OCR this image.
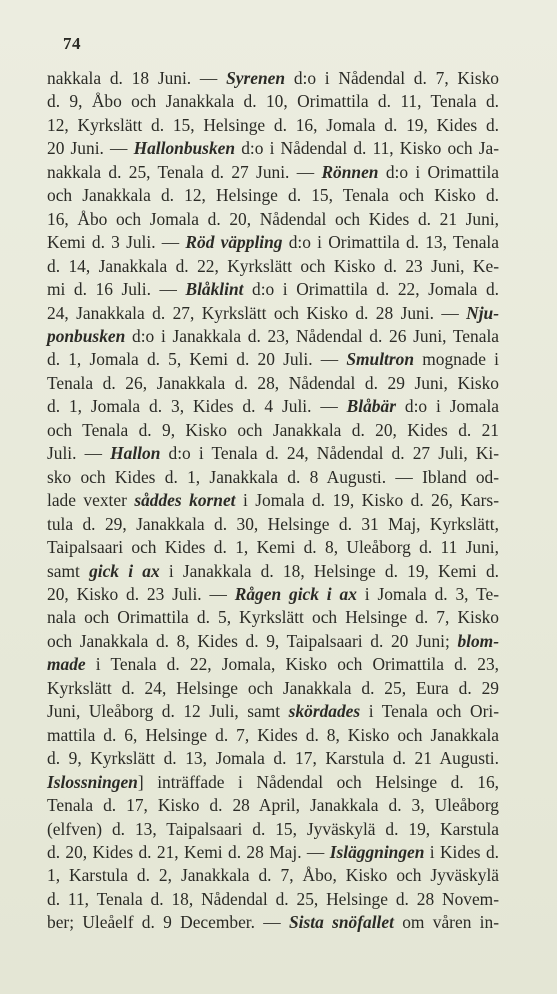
74

nakkala d. 18 Juni. — Syrenen d:o i Nådendal d. 7, Kisko
d. 9, Åbo och Janakkala d. 10, Orimattila d. 11, Tenala d.
12, Kyrkslätt d. 15, Helsinge d. 16, Jomala d. 19, Kides d.
20 Juni. — Hallonbusken d:o i Nådendal d. 11, Kisko och Ja-
nakkala d. 25, Tenala d. 27 Juni. — Rönnen d:o i Orimattila
och Janakkala d. 12, Helsinge d. 15, Tenala och Kisko d.
16, Åbo och Jomala d. 20, Nådendal och Kides d. 21 Juni,
Kemi d. 3 Juli. — Röd väppling d:o i Orimattila d. 13, Tenala
d. 14, Janakkala d. 22, Kyrkslätt och Kisko d. 23 Juni, Ke-
mi d. 16 Juli. — Blåklint d:o i Orimattila d. 22, Jomala d.
24, Janakkala d. 27, Kyrkslätt och Kisko d. 28 Juni. — Nju-
ponbusken d:o i Janakkala d. 23, Nådendal d. 26 Juni, Tenala
d. 1, Jomala d. 5, Kemi d. 20 Juli. — Smultron mognade i
Tenala d. 26, Janakkala d. 28, Nådendal d. 29 Juni, Kisko
d. 1, Jomala d. 3, Kides d. 4 Juli. — Blåbär d:o i Jomala
och Tenala d. 9, Kisko och Janakkala d. 20, Kides d. 21
Juli. — Hallon d:o i Tenala d. 24, Nådendal d. 27 Juli, Ki-
sko och Kides d. 1, Janakkala d. 8 Augusti. — Ibland od-
lade vexter såddes kornet i Jomala d. 19, Kisko d. 26, Kars-
tula d. 29, Janakkala d. 30, Helsinge d. 31 Maj, Kyrkslätt,
Taipalsaari och Kides d. 1, Kemi d. 8, Uleåborg d. 11 Juni,
samt gick i ax i Janakkala d. 18, Helsinge d. 19, Kemi d.
20, Kisko d. 23 Juli. — Rågen gick i ax i Jomala d. 3, Te-
nala och Orimattila d. 5, Kyrkslätt och Helsinge d. 7, Kisko
och Janakkala d. 8, Kides d. 9, Taipalsaari d. 20 Juni; blom-
made i Tenala d. 22, Jomala, Kisko och Orimattila d. 23,
Kyrkslätt d. 24, Helsinge och Janakkala d. 25, Eura d. 29
Juni, Uleåborg d. 12 Juli, samt skördades i Tenala och Ori-
mattila d. 6, Helsinge d. 7, Kides d. 8, Kisko och Janakkala
d. 9, Kyrkslätt d. 13, Jomala d. 17, Karstula d. 21 Augusti.
Islossningen] inträffade i Nådendal och Helsinge d. 16,
Tenala d. 17, Kisko d. 28 April, Janakkala d. 3, Uleåborg
(elfven) d. 13, Taipalsaari d. 15, Jyväskylä d. 19, Karstula
d. 20, Kides d. 21, Kemi d. 28 Maj. — Isläggningen i Kides d.
1, Karstula d. 2, Janakkala d. 7, Åbo, Kisko och Jyväskylä
d. 11, Tenala d. 18, Nådendal d. 25, Helsinge d. 28 Novem-
ber; Uleåelf d. 9 December. — Sista snöfallet om våren in-
